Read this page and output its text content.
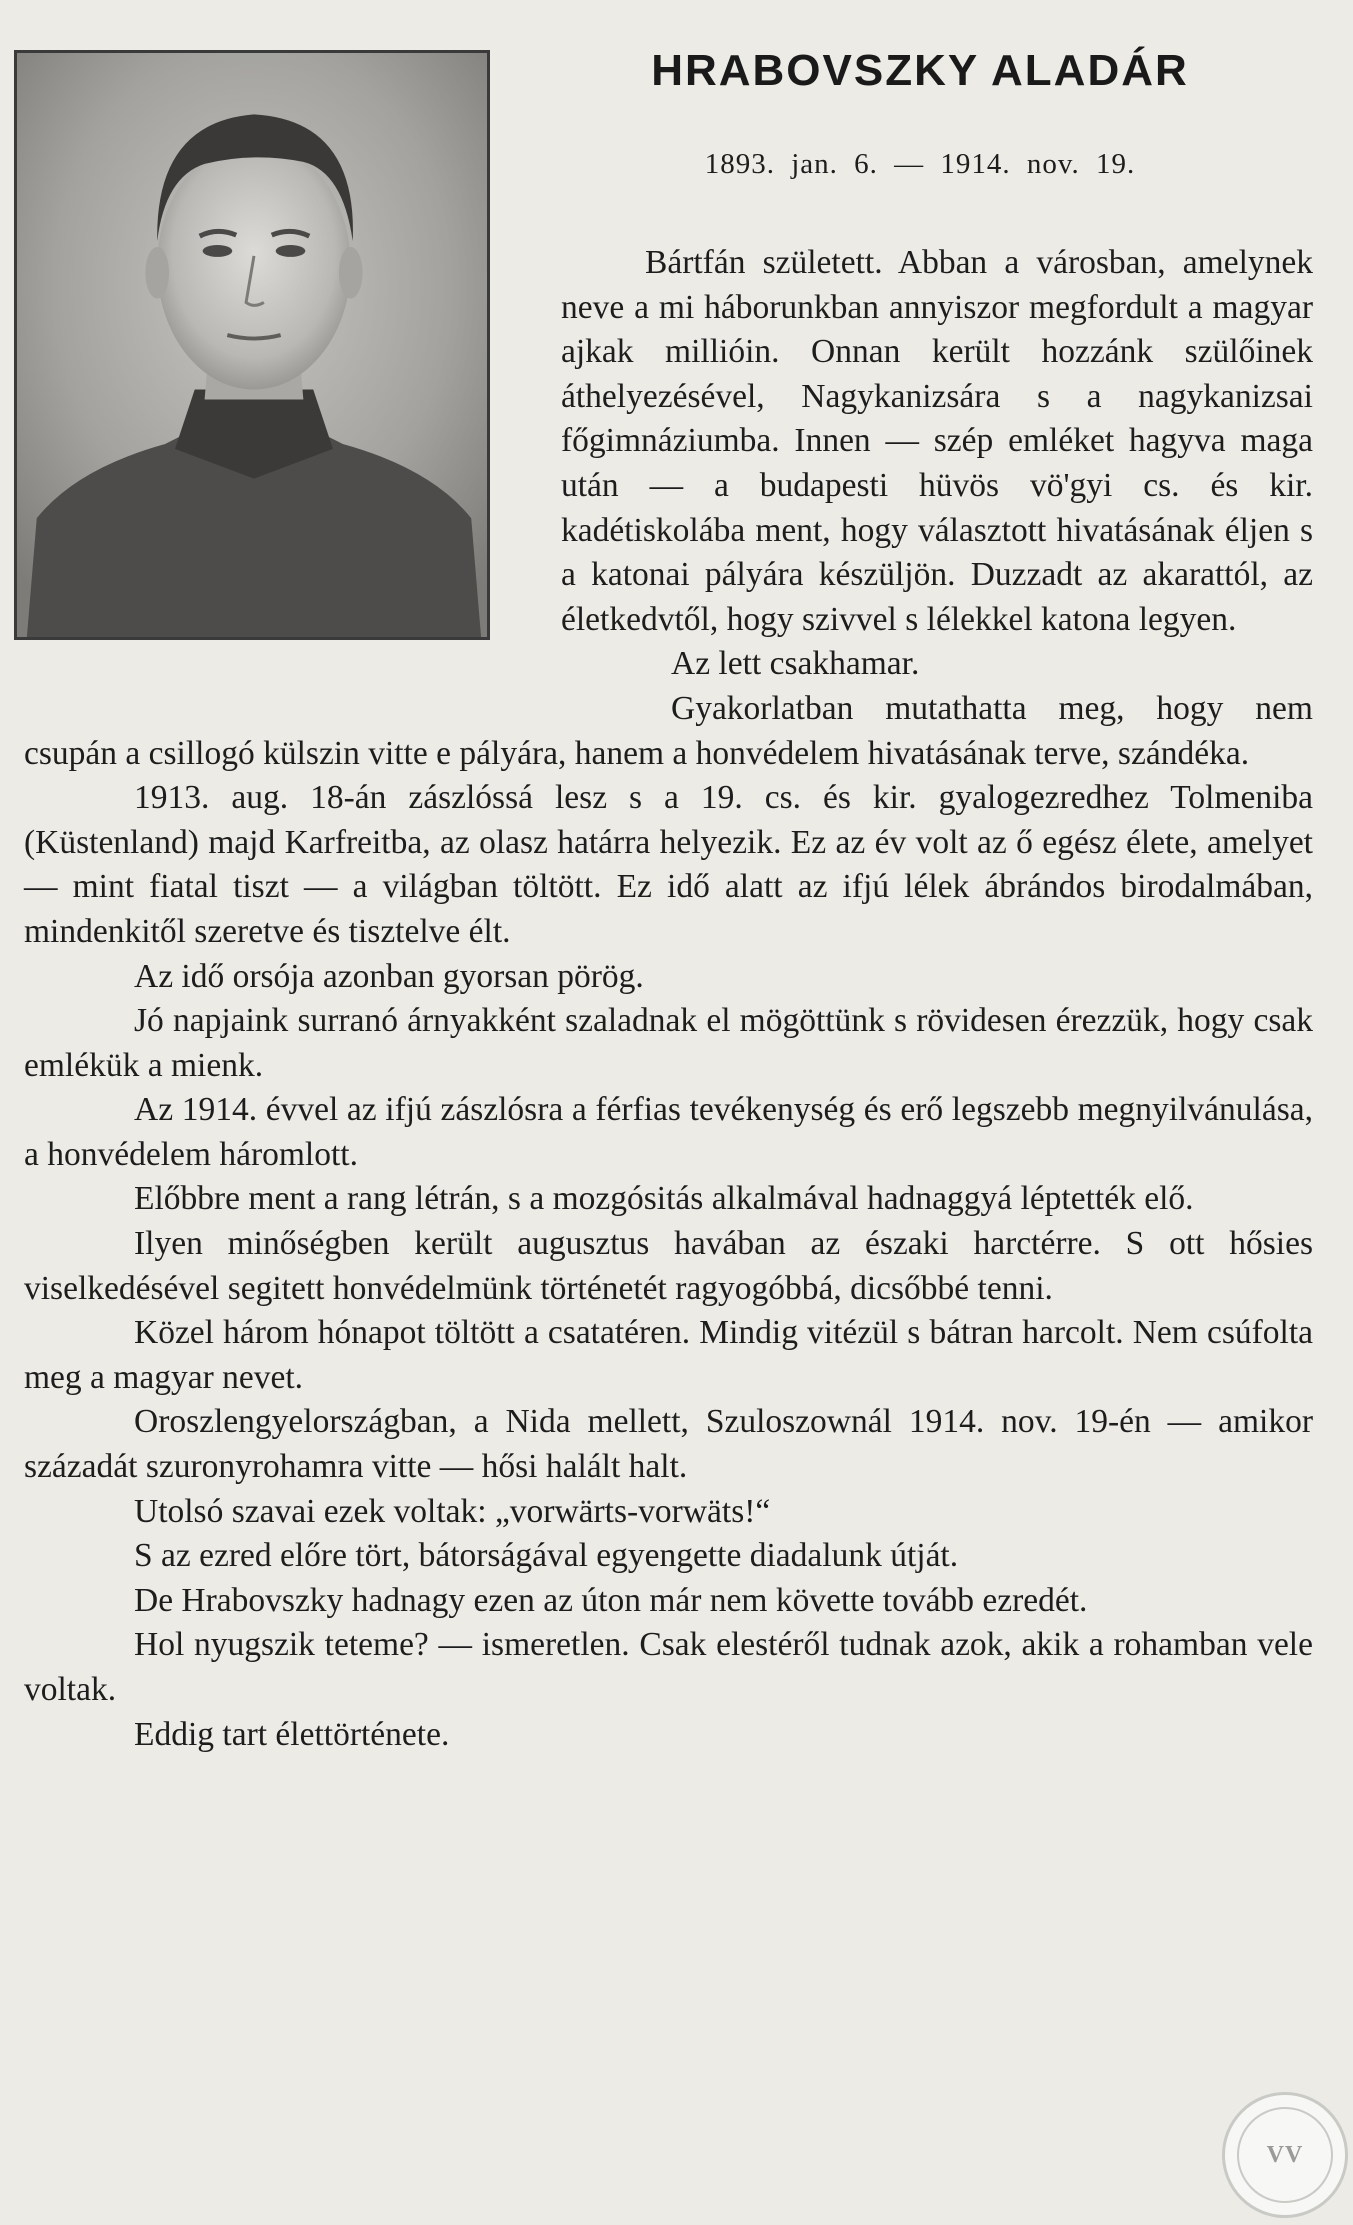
HRABOVSZKY ALADÁR

1893. jan. 6. — 1914. nov. 19.

Bártfán született. Abban a városban, amelynek neve a mi háborunkban annyiszor megfordult a magyar ajkak millióin. Onnan került hozzánk szülőinek áthelyezésével, Nagykanizsára s a nagykanizsai főgimnáziumba. Innen — szép emléket hagyva maga után — a budapesti hüvös vö'gyi cs. és kir. kadétiskolába ment, hogy választott hivatásának éljen s a katonai pályára készüljön. Duzzadt az akarattól, az életkedvtől, hogy szivvel s lélekkel katona legyen.

Az lett csakhamar.

Gyakorlatban mutathatta meg, hogy nem csupán a csillogó külszin vitte e pályára, hanem a honvédelem hivatásának terve, szándéka.

1913. aug. 18-án zászlóssá lesz s a 19. cs. és kir. gyalogezredhez Tolmeniba (Küstenland) majd Karfreitba, az olasz határra helyezik. Ez az év volt az ő egész élete, amelyet — mint fiatal tiszt — a világban töltött. Ez idő alatt az ifjú lélek ábrándos birodalmában, mindenkitől szeretve és tisztelve élt.

Az idő orsója azonban gyorsan pörög.

Jó napjaink surranó árnyakként szaladnak el mögöttünk s rövidesen érezzük, hogy csak emlékük a mienk.

Az 1914. évvel az ifjú zászlósra a férfias tevékenység és erő legszebb megnyilvánulása, a honvédelem háromlott.

Előbbre ment a rang létrán, s a mozgósitás alkalmával hadnaggyá léptették elő.

Ilyen minőségben került augusztus havában az északi harctérre. S ott hősies viselkedésével segitett honvédelmünk történetét ragyogóbbá, dicsőbbé tenni.

Közel három hónapot töltött a csatatéren. Mindig vitézül s bátran harcolt. Nem csúfolta meg a magyar nevet.

Oroszlengyelországban, a Nida mellett, Szuloszownál 1914. nov. 19-én — amikor századát szuronyrohamra vitte — hősi halált halt.

Utolsó szavai ezek voltak: „vorwärts-vorwäts!“

S az ezred előre tört, bátorságával egyengette diadalunk útját.

De Hrabovszky hadnagy ezen az úton már nem követte tovább ezredét.

Hol nyugszik teteme? — ismeretlen. Csak elestéről tudnak azok, akik a rohamban vele voltak.

Eddig tart élettörténete.

VV
